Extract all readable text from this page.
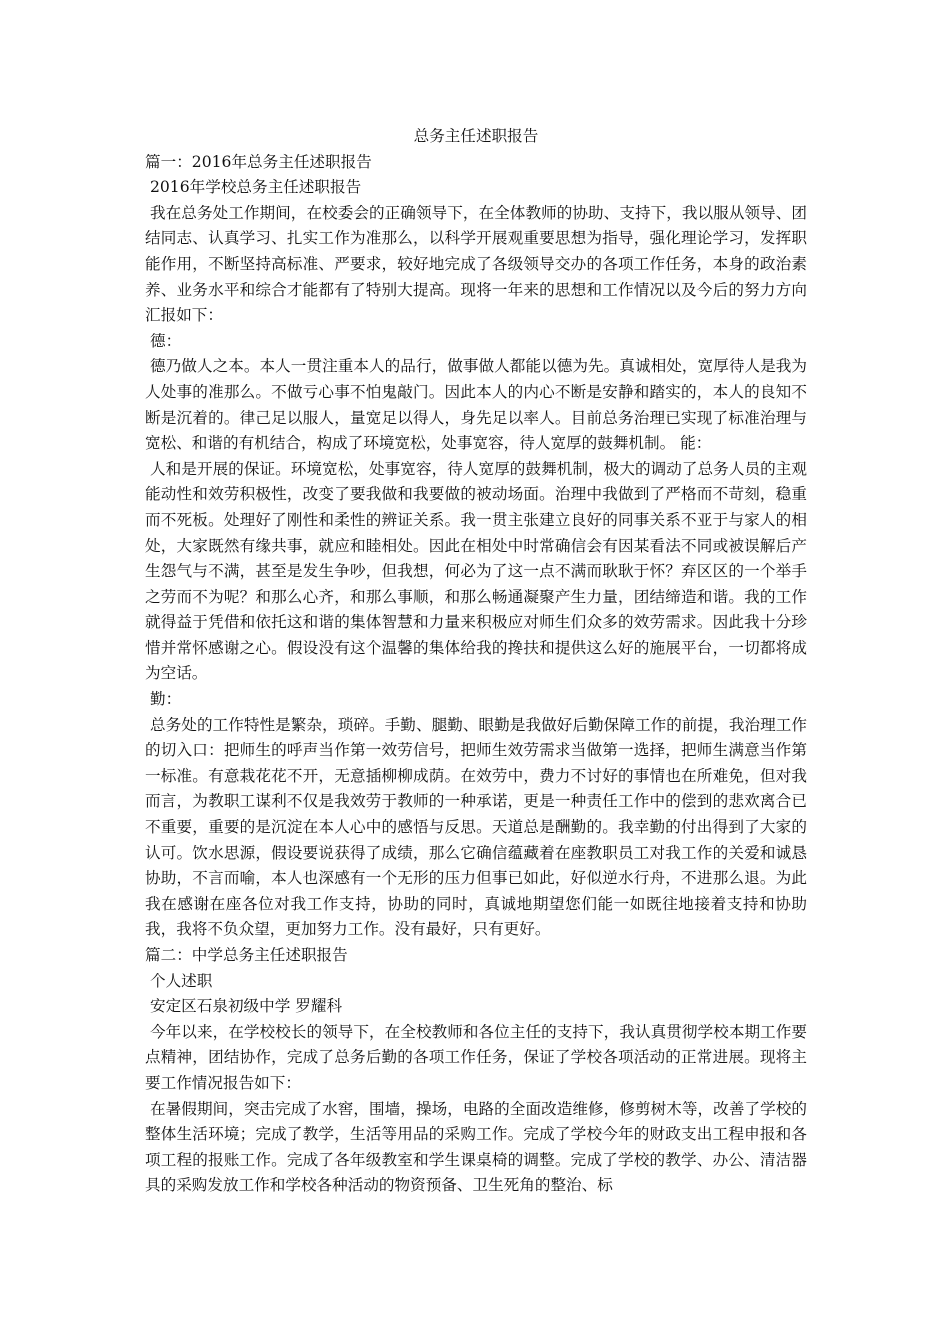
总务主任述职报告

篇一：2016年总务主任述职报告

2016年学校总务主任述职报告

我在总务处工作期间，在校委会的正确领导下，在全体教师的协助、支持下，我以服从领导、团结同志、认真学习、扎实工作为准那么，以科学开展观重要思想为指导，强化理论学习，发挥职能作用，不断坚持高标准、严要求，较好地完成了各级领导交办的各项工作任务，本身的政治素养、业务水平和综合才能都有了特别大提高。现将一年来的思想和工作情况以及今后的努力方向汇报如下：

德：

德乃做人之本。本人一贯注重本人的品行，做事做人都能以德为先。真诚相处，宽厚待人是我为人处事的准那么。不做亏心事不怕鬼敲门。因此本人的内心不断是安静和踏实的，本人的良知不断是沉着的。律己足以服人，量宽足以得人，身先足以率人。目前总务治理已实现了标准治理与宽松、和谐的有机结合，构成了环境宽松，处事宽容，待人宽厚的鼓舞机制。 能：

人和是开展的保证。环境宽松，处事宽容，待人宽厚的鼓舞机制，极大的调动了总务人员的主观能动性和效劳积极性，改变了要我做和我要做的被动场面。治理中我做到了严格而不苛刻，稳重而不死板。处理好了刚性和柔性的辨证关系。我一贯主张建立良好的同事关系不亚于与家人的相处，大家既然有缘共事，就应和睦相处。因此在相处中时常确信会有因某看法不同或被误解后产生怨气与不满，甚至是发生争吵，但我想，何必为了这一点不满而耿耿于怀？弃区区的一个举手之劳而不为呢？和那么心齐，和那么事顺，和那么畅通凝聚产生力量，团结缔造和谐。我的工作就得益于凭借和依托这和谐的集体智慧和力量来积极应对师生们众多的效劳需求。因此我十分珍惜并常怀感谢之心。假设没有这个温馨的集体给我的搀扶和提供这么好的施展平台，一切都将成为空话。

勤：

总务处的工作特性是繁杂，琐碎。手勤、腿勤、眼勤是我做好后勤保障工作的前提，我治理工作的切入口：把师生的呼声当作第一效劳信号，把师生效劳需求当做第一选择，把师生满意当作第一标准。有意栽花花不开，无意插柳柳成荫。在效劳中，费力不讨好的事情也在所难免，但对我而言，为教职工谋利不仅是我效劳于教师的一种承诺，更是一种责任工作中的偿到的悲欢离合已不重要，重要的是沉淀在本人心中的感悟与反思。天道总是酬勤的。我幸勤的付出得到了大家的认可。饮水思源，假设要说获得了成绩，那么它确信蕴藏着在座教职员工对我工作的关爱和诚恳协助，不言而喻，本人也深感有一个无形的压力但事已如此，好似逆水行舟，不进那么退。为此我在感谢在座各位对我工作支持，协助的同时，真诚地期望您们能一如既往地接着支持和协助我，我将不负众望，更加努力工作。没有最好，只有更好。

篇二：中学总务主任述职报告

个人述职

安定区石泉初级中学 罗耀科

今年以来，在学校校长的领导下，在全校教师和各位主任的支持下，我认真贯彻学校本期工作要点精神，团结协作，完成了总务后勤的各项工作任务，保证了学校各项活动的正常进展。现将主要工作情况报告如下：

在暑假期间，突击完成了水窖，围墙，操场，电路的全面改造维修，修剪树木等，改善了学校的整体生活环境；完成了教学，生活等用品的采购工作。完成了学校今年的财政支出工程申报和各项工程的报账工作。完成了各年级教室和学生课桌椅的调整。完成了学校的教学、办公、清洁器具的采购发放工作和学校各种活动的物资预备、卫生死角的整治、标
